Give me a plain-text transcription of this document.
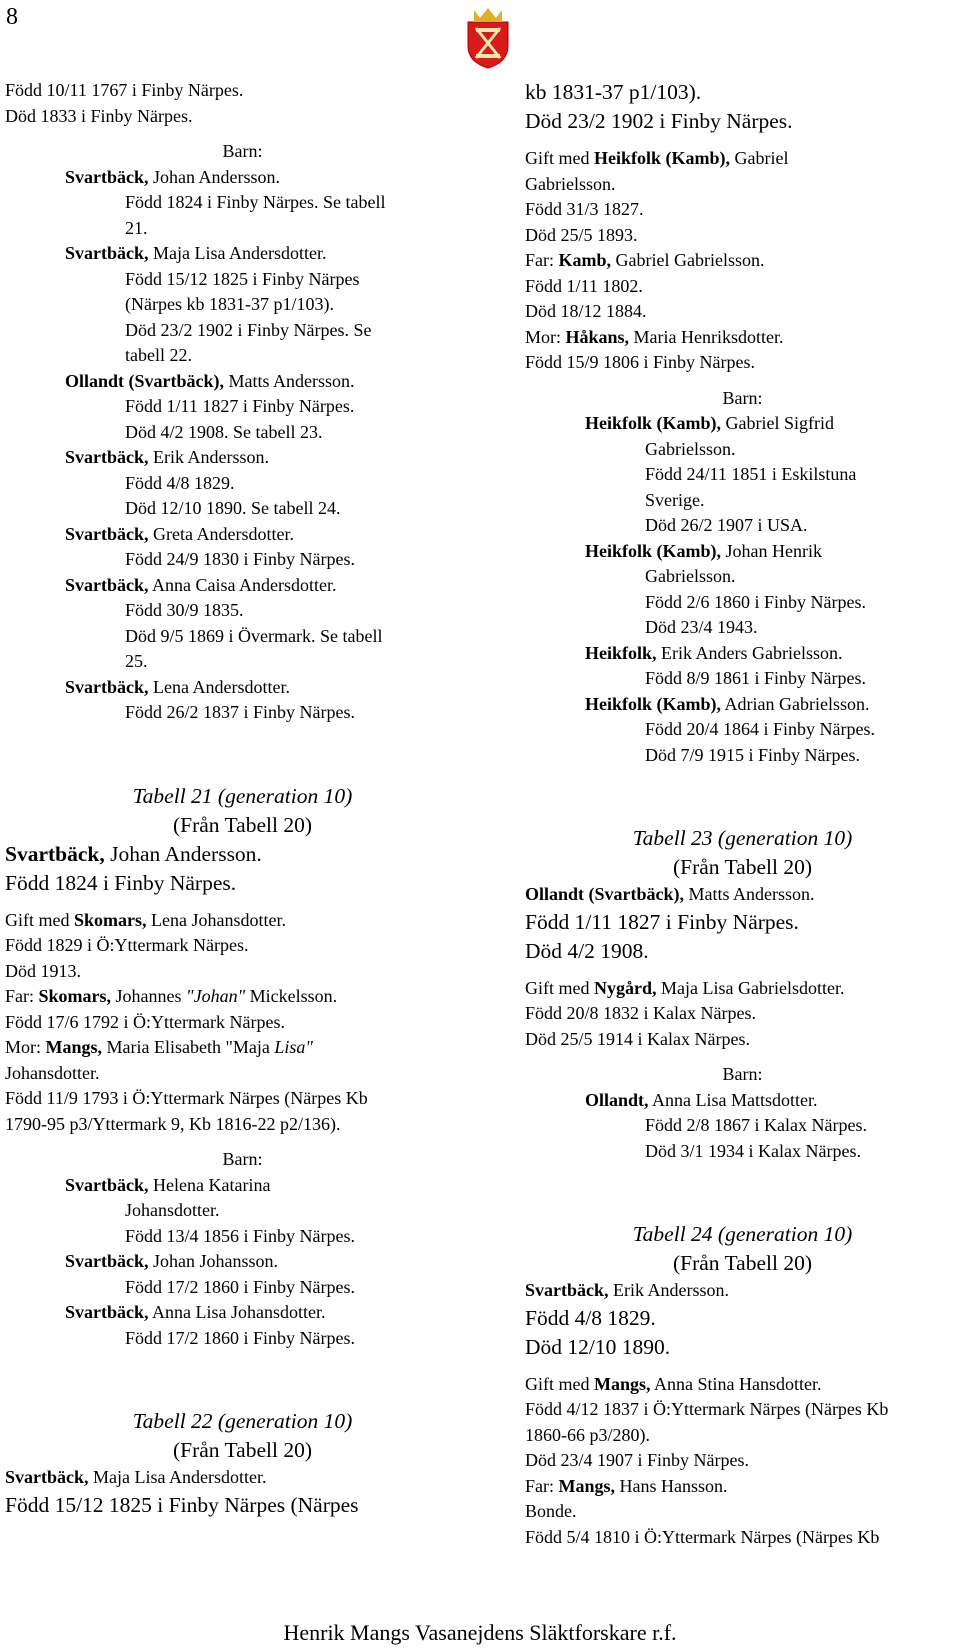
8
Född 10/11 1767 i Finby Närpes.
Död 1833 i Finby Närpes.
Barn:
Svartbäck, Johan Andersson.
Född 1824 i Finby Närpes. Se tabell
21.
Svartbäck, Maja Lisa Andersdotter.
Född 15/12 1825 i Finby Närpes
(Närpes kb 1831-37 p1/103).
Död 23/2 1902 i Finby Närpes. Se
tabell 22.
Ollandt (Svartbäck), Matts Andersson.
Född 1/11 1827 i Finby Närpes.
Död 4/2 1908. Se tabell 23.
Svartbäck, Erik Andersson.
Född 4/8 1829.
Död 12/10 1890. Se tabell 24.
Svartbäck, Greta Andersdotter.
Född 24/9 1830 i Finby Närpes.
Svartbäck, Anna Caisa Andersdotter.
Född 30/9 1835.
Död 9/5 1869 i Övermark. Se tabell
25.
Svartbäck, Lena Andersdotter.
Född 26/2 1837 i Finby Närpes.
Tabell 21 (generation 10)
(Från Tabell 20)
Svartbäck, Johan Andersson.
Född 1824 i Finby Närpes.
Gift med Skomars, Lena Johansdotter.
Född 1829 i Ö:Yttermark Närpes.
Död 1913.
Far: Skomars, Johannes "Johan" Mickelsson.
Född 17/6 1792 i Ö:Yttermark Närpes.
Mor: Mangs, Maria Elisabeth "Maja Lisa"
Johansdotter.
Född 11/9 1793 i Ö:Yttermark Närpes (Närpes Kb
1790-95 p3/Yttermark 9, Kb 1816-22 p2/136).
Barn:
Svartbäck, Helena Katarina
Johansdotter.
Född 13/4 1856 i Finby Närpes.
Svartbäck, Johan Johansson.
Född 17/2 1860 i Finby Närpes.
Svartbäck, Anna Lisa Johansdotter.
Född 17/2 1860 i Finby Närpes.
Tabell 22 (generation 10)
(Från Tabell 20)
Svartbäck, Maja Lisa Andersdotter.
Född 15/12 1825 i Finby Närpes (Närpes
kb 1831-37 p1/103).
Död 23/2 1902 i Finby Närpes.
Gift med Heikfolk (Kamb), Gabriel
Gabrielsson.
Född 31/3 1827.
Död 25/5 1893.
Far: Kamb, Gabriel Gabrielsson.
Född 1/11 1802.
Död 18/12 1884.
Mor: Håkans, Maria Henriksdotter.
Född 15/9 1806 i Finby Närpes.
Barn:
Heikfolk (Kamb), Gabriel Sigfrid
Gabrielsson.
Född 24/11 1851 i Eskilstuna
Sverige.
Död 26/2 1907 i USA.
Heikfolk (Kamb), Johan Henrik
Gabrielsson.
Född 2/6 1860 i Finby Närpes.
Död 23/4 1943.
Heikfolk, Erik Anders Gabrielsson.
Född 8/9 1861 i Finby Närpes.
Heikfolk (Kamb), Adrian Gabrielsson.
Född 20/4 1864 i Finby Närpes.
Död 7/9 1915 i Finby Närpes.
Tabell 23 (generation 10)
(Från Tabell 20)
Ollandt (Svartbäck), Matts Andersson.
Född 1/11 1827 i Finby Närpes.
Död 4/2 1908.
Gift med Nygård, Maja Lisa Gabrielsdotter.
Född 20/8 1832 i Kalax Närpes.
Död 25/5 1914 i Kalax Närpes.
Barn:
Ollandt, Anna Lisa Mattsdotter.
Född 2/8 1867 i Kalax Närpes.
Död 3/1 1934 i Kalax Närpes.
Tabell 24 (generation 10)
(Från Tabell 20)
Svartbäck, Erik Andersson.
Född 4/8 1829.
Död 12/10 1890.
Gift med Mangs, Anna Stina Hansdotter.
Född 4/12 1837 i Ö:Yttermark Närpes (Närpes Kb
1860-66 p3/280).
Död 23/4 1907 i Finby Närpes.
Far: Mangs, Hans Hansson.
Bonde.
Född 5/4 1810 i Ö:Yttermark Närpes (Närpes Kb
Henrik Mangs Vasanejdens Släktforskare r.f.
